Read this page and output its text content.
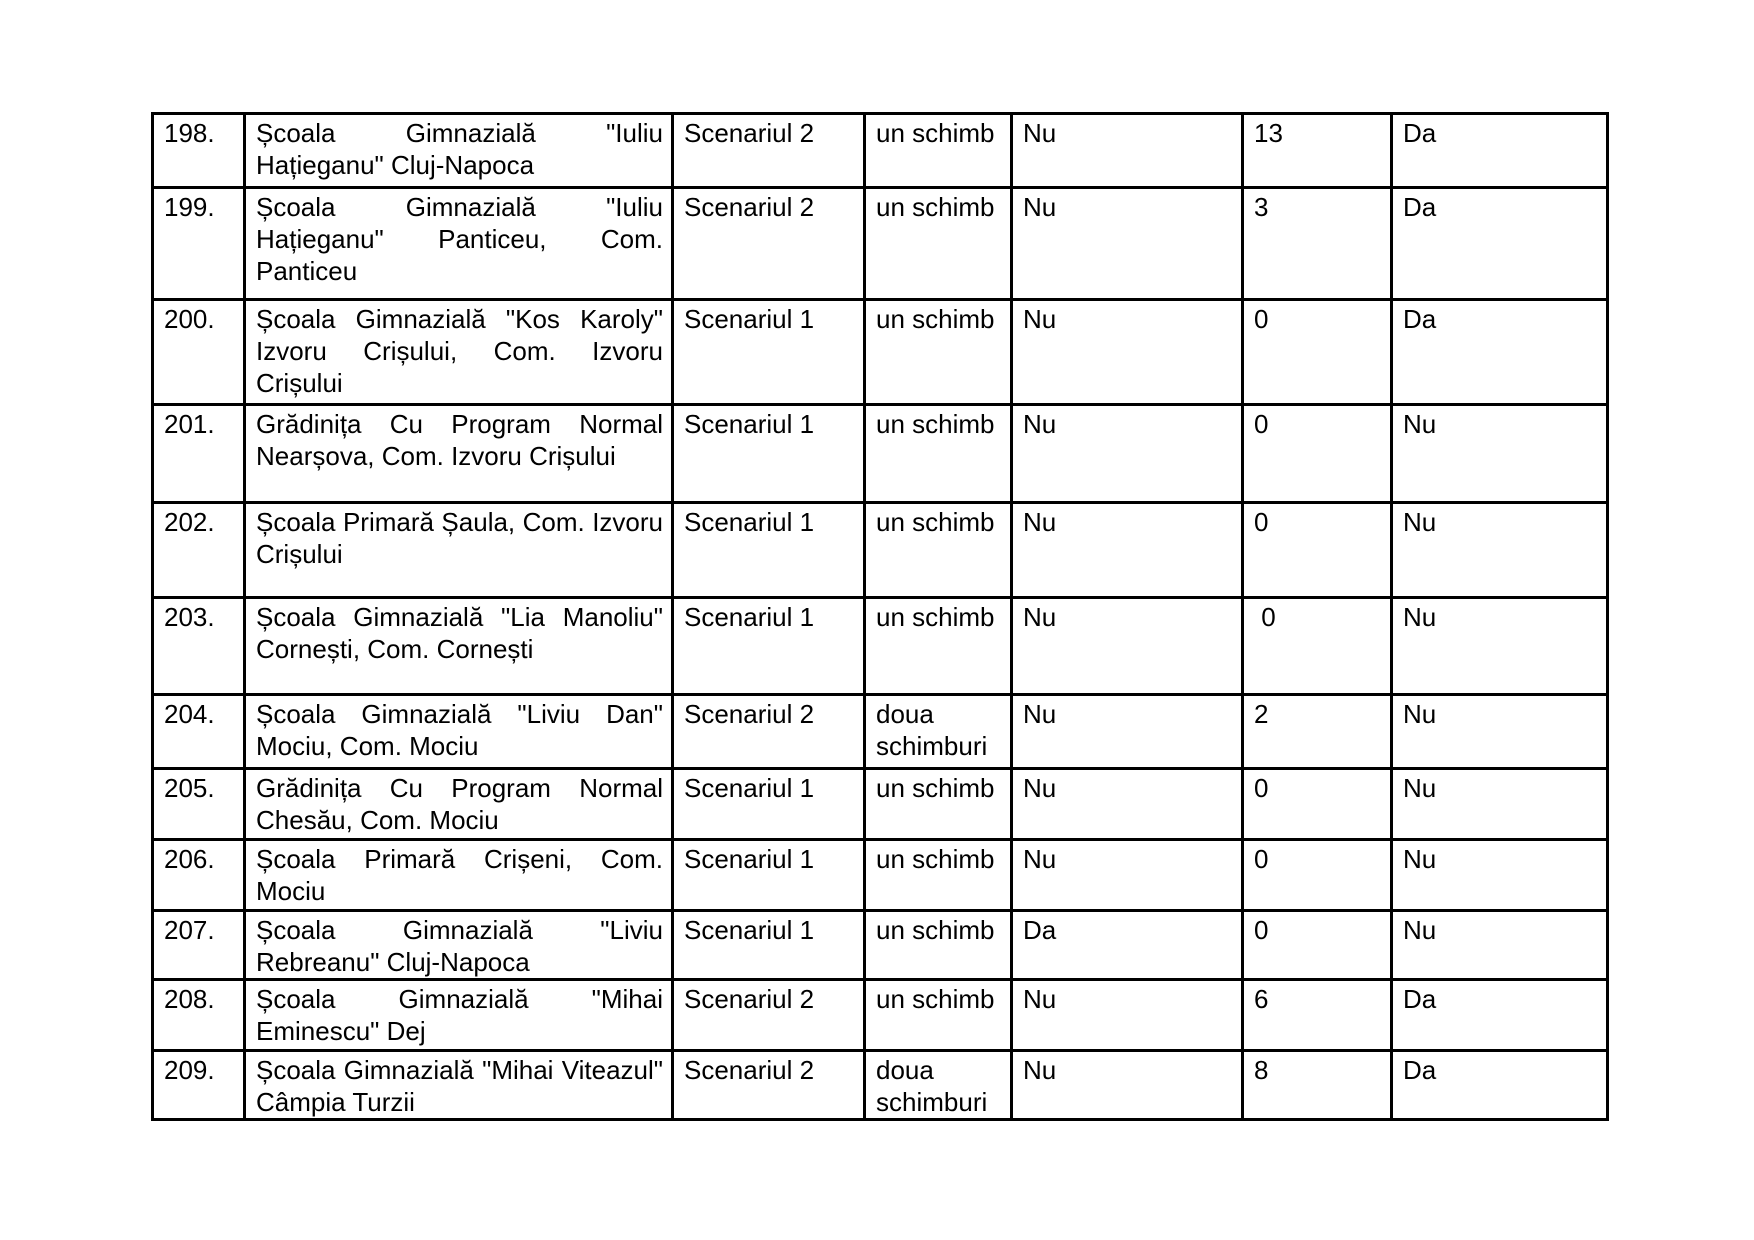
198.	Școala Gimnazială "Iuliu Hațieganu" Cluj-Napoca	Scenariul 2	un schimb	Nu	13	Da
199.	Școala Gimnazială "Iuliu Hațieganu" Panticeu, Com. Panticeu	Scenariul 2	un schimb	Nu	3	Da
200.	Școala Gimnazială "Kos Karoly" Izvoru Crișului, Com. Izvoru Crișului	Scenariul 1	un schimb	Nu	0	Da
201.	Grădinița Cu Program Normal Nearșova, Com. Izvoru Crișului	Scenariul 1	un schimb	Nu	0	Nu
202.	Școala Primară Șaula, Com. Izvoru Crișului	Scenariul 1	un schimb	Nu	0	Nu
203.	Școala Gimnazială "Lia Manoliu" Cornești, Com. Cornești	Scenariul 1	un schimb	Nu	0	Nu
204.	Școala Gimnazială "Liviu Dan" Mociu, Com. Mociu	Scenariul 2	doua schimburi	Nu	2	Nu
205.	Grădinița Cu Program Normal Chesău, Com. Mociu	Scenariul 1	un schimb	Nu	0	Nu
206.	Școala Primară Crișeni, Com. Mociu	Scenariul 1	un schimb	Nu	0	Nu
207.	Școala Gimnazială "Liviu Rebreanu" Cluj-Napoca	Scenariul 1	un schimb	Da	0	Nu
208.	Școala Gimnazială "Mihai Eminescu" Dej	Scenariul 2	un schimb	Nu	6	Da
209.	Școala Gimnazială "Mihai Viteazul" Câmpia Turzii	Scenariul 2	doua schimburi	Nu	8	Da
